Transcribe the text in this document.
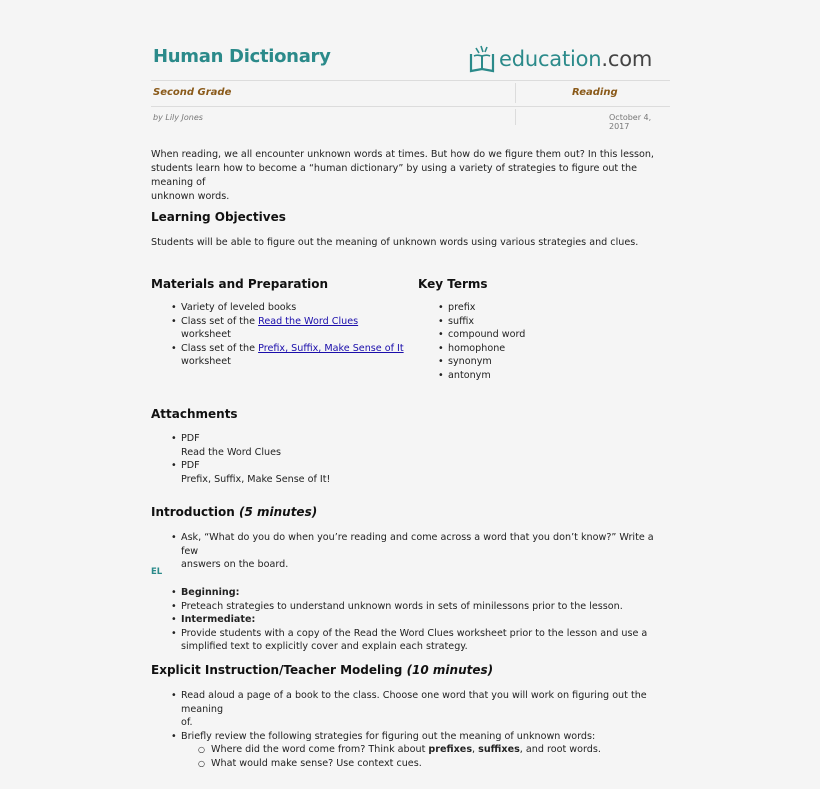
Human Dictionary	education.com
Second Grade	Reading
by Lily Jones	October 4, 2017

When reading, we all encounter unknown words at times. But how do we figure them out? In this lesson,
students learn how to become a “human dictionary” by using a variety of strategies to figure out the meaning of
unknown words.

Learning Objectives

Students will be able to figure out the meaning of unknown words using various strategies and clues.

Materials and Preparation
• Variety of leveled books
• Class set of the Read the Word Clues worksheet
• Class set of the Prefix, Suffix, Make Sense of It
worksheet
Key Terms
• prefix
• suffix
• compound word
• homophone
• synonym
• antonym
Attachments
• PDF
Read the Word Clues
• PDF
Prefix, Suffix, Make Sense of It!
Introduction (5 minutes)
• Ask, “What do you do when you’re reading and come across a word that you don’t know?” Write a few
answers on the board.
EL
• Beginning:
• Preteach strategies to understand unknown words in sets of minilessons prior to the lesson.
• Intermediate:
• Provide students with a copy of the Read the Word Clues worksheet prior to the lesson and use a
simplified text to explicitly cover and explain each strategy.
Explicit Instruction/Teacher Modeling (10 minutes)
• Read aloud a page of a book to the class. Choose one word that you will work on figuring out the meaning
of.
• Briefly review the following strategies for figuring out the meaning of unknown words:
○ Where did the word come from? Think about prefixes, suffixes, and root words.
○ What would make sense? Use context cues.
